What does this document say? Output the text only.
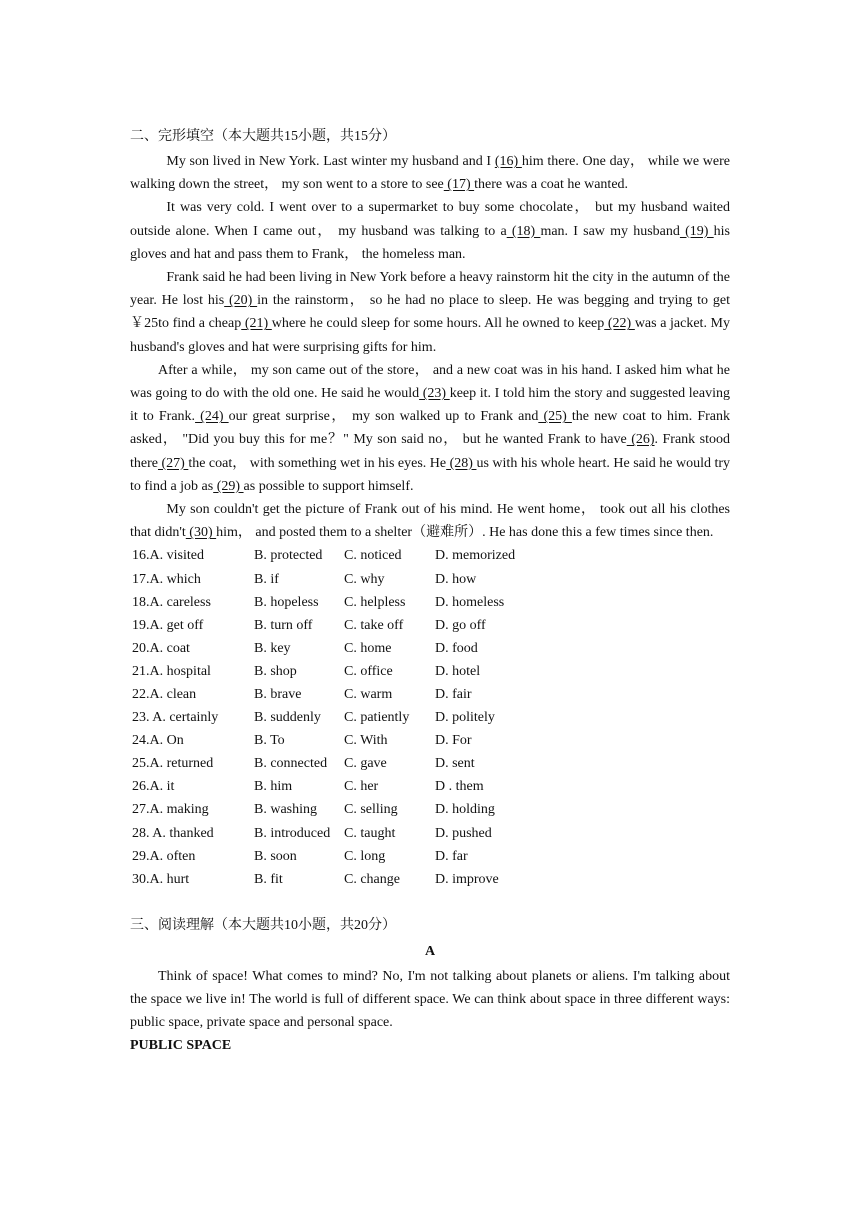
二、完形填空（本大题共15小题，共15分）

My son lived in New York. Last winter my husband and I (16) him there. One day， while we were walking down the street， my son went to a store to see (17) there was a coat he wanted.

It was very cold. I went over to a supermarket to buy some chocolate， but my husband waited outside alone. When I came out， my husband was talking to a (18) man. I saw my husband (19) his gloves and hat and pass them to Frank， the homeless man.

Frank said he had been living in New York before a heavy rainstorm hit the city in the autumn of the year. He lost his (20) in the rainstorm， so he had no place to sleep. He was begging and trying to get ￥25to find a cheap (21) where he could sleep for some hours. All he owned to keep (22) was a jacket. My husband's gloves and hat were surprising gifts for him.

After a while， my son came out of the store， and a new coat was in his hand. I asked him what he was going to do with the old one. He said he would (23) keep it. I told him the story and suggested leaving it to Frank. (24) our great surprise， my son walked up to Frank and (25) the new coat to him. Frank asked， "Did you buy this for me？" My son said no， but he wanted Frank to have (26). Frank stood there (27) the coat， with something wet in his eyes. He (28) us with his whole heart. He said he would try to find a job as (29) as possible to support himself.

My son couldn't get the picture of Frank out of his mind. He went home， took out all his clothes that didn't (30) him， and posted them to a shelter（避难所）. He has done this a few times since then.

16.A. visited	B. protected	C. noticed	D. memorized
17.A. which	B. if	C. why	D. how
18.A. careless	B. hopeless	C. helpless	D. homeless
19.A. get off	B. turn off	C. take off	D. go off
20.A. coat	B. key	C. home	D. food
21.A. hospital	B. shop	C. office	D. hotel
22.A. clean	B. brave	C. warm	D. fair
23. A. certainly	B. suddenly	C. patiently	D. politely
24.A. On	B. To	C. With	D. For
25.A. returned	B. connected	C. gave	D. sent
26.A. it	B. him	C. her	D . them
27.A. making	B. washing	C. selling	D. holding
28. A. thanked	B. introduced C. taught	D. pushed
29.A. often	B. soon	C. long	D. far
30.A. hurt	B. fit	C. change	D. improve
三、阅读理解（本大题共10小题，共20分）
A

Think of space! What comes to mind? No, I'm not talking about planets or aliens. I'm talking about the space we live in! The world is full of different space. We can think about space in three different ways: public space, private space and personal space.

PUBLIC SPACE
